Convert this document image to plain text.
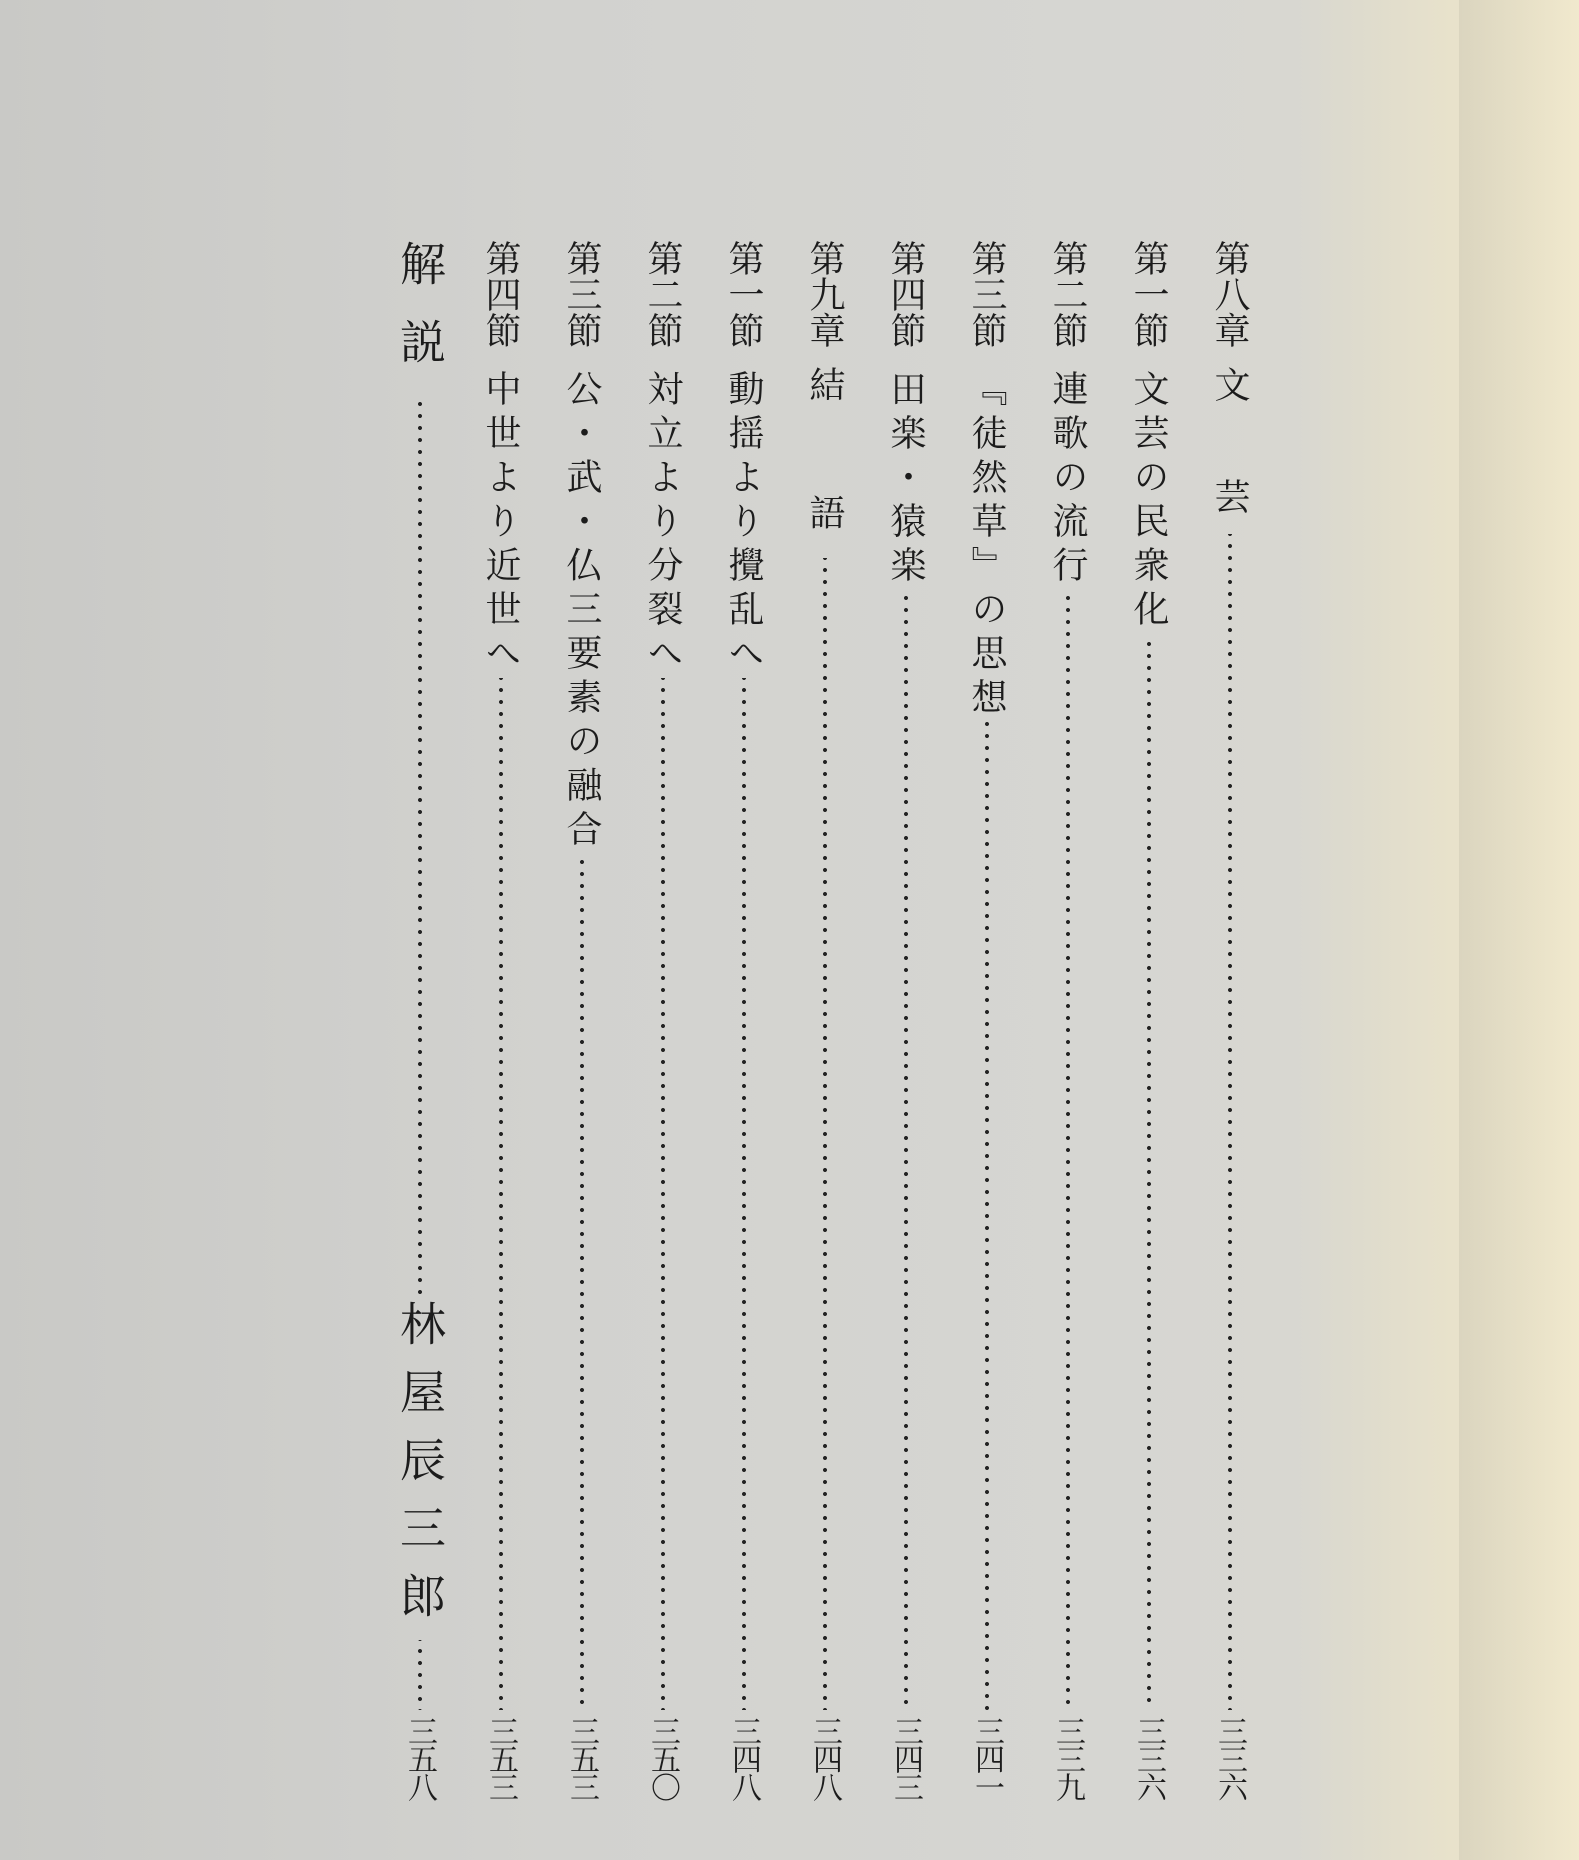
第八章
文　芸
三三六
第一節
文芸の民衆化
三三六
第二節
連歌の流行
三三九
第三節
『徒然草』の思想
三四一
第四節
田楽・猿楽
三四三
第九章
結　語
三四八
第一節
動揺より攪乱へ
三四八
第二節
対立より分裂へ
三五〇
第三節
公・武・仏三要素の融合
三五三
第四節
中世より近世へ
三五三
解説
林屋辰三郎
三五八
